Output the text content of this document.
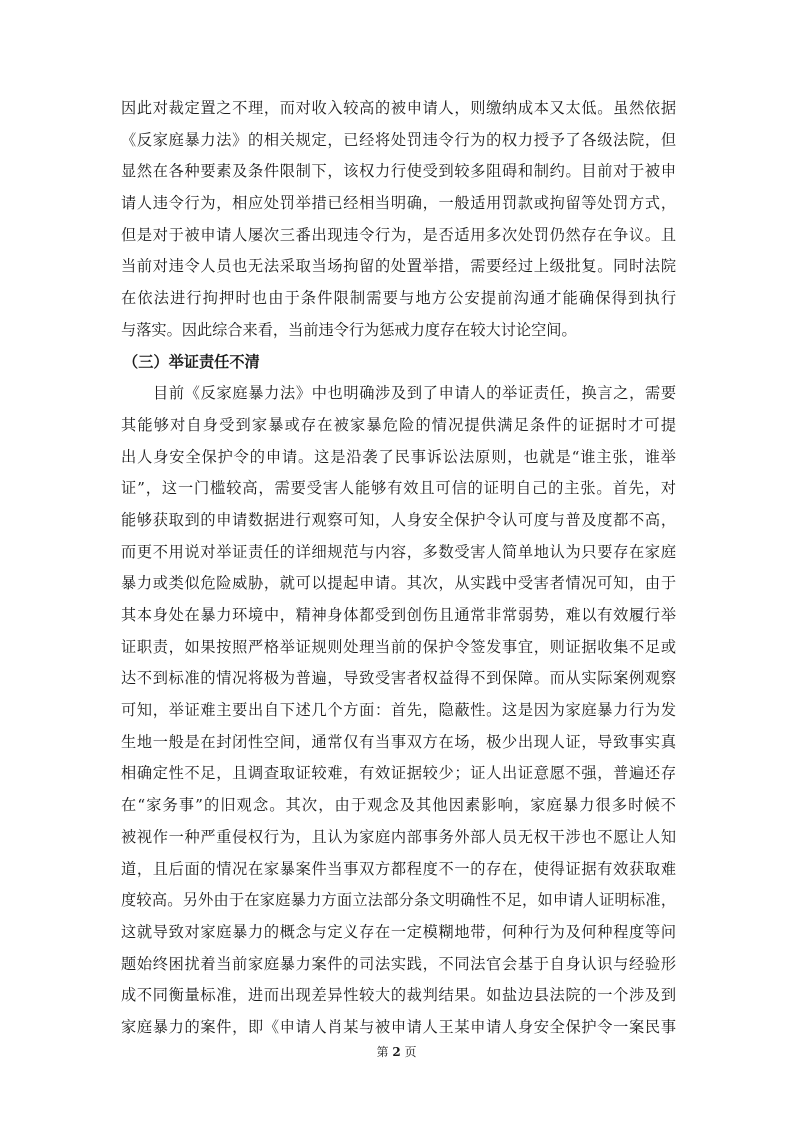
因此对裁定置之不理，而对收入较高的被申请人，则缴纳成本又太低。虽然依据
《反家庭暴力法》的相关规定，已经将处罚违令行为的权力授予了各级法院，但
显然在各种要素及条件限制下，该权力行使受到较多阻碍和制约。目前对于被申
请人违令行为，相应处罚举措已经相当明确，一般适用罚款或拘留等处罚方式，
但是对于被申请人屡次三番出现违令行为，是否适用多次处罚仍然存在争议。且
当前对违令人员也无法采取当场拘留的处置举措，需要经过上级批复。同时法院
在依法进行拘押时也由于条件限制需要与地方公安提前沟通才能确保得到执行
与落实。因此综合来看，当前违令行为惩戒力度存在较大讨论空间。
（三）举证责任不清
目前《反家庭暴力法》中也明确涉及到了申请人的举证责任，换言之，需要
其能够对自身受到家暴或存在被家暴危险的情况提供满足条件的证据时才可提
出人身安全保护令的申请。这是沿袭了民事诉讼法原则，也就是“谁主张，谁举
证”，这一门槛较高，需要受害人能够有效且可信的证明自己的主张。首先，对
能够获取到的申请数据进行观察可知，人身安全保护令认可度与普及度都不高，
而更不用说对举证责任的详细规范与内容，多数受害人简单地认为只要存在家庭
暴力或类似危险威胁，就可以提起申请。其次，从实践中受害者情况可知，由于
其本身处在暴力环境中，精神身体都受到创伤且通常非常弱势，难以有效履行举
证职责，如果按照严格举证规则处理当前的保护令签发事宜，则证据收集不足或
达不到标准的情况将极为普遍，导致受害者权益得不到保障。而从实际案例观察
可知，举证难主要出自下述几个方面：首先，隐蔽性。这是因为家庭暴力行为发
生地一般是在封闭性空间，通常仅有当事双方在场，极少出现人证，导致事实真
相确定性不足，且调查取证较难，有效证据较少；证人出证意愿不强，普遍还存
在“家务事”的旧观念。其次，由于观念及其他因素影响，家庭暴力很多时候不
被视作一种严重侵权行为，且认为家庭内部事务外部人员无权干涉也不愿让人知
道，且后面的情况在家暴案件当事双方都程度不一的存在，使得证据有效获取难
度较高。另外由于在家庭暴力方面立法部分条文明确性不足，如申请人证明标准，
这就导致对家庭暴力的概念与定义存在一定模糊地带，何种行为及何种程度等问
题始终困扰着当前家庭暴力案件的司法实践，不同法官会基于自身认识与经验形
成不同衡量标准，进而出现差异性较大的裁判结果。如盐边县法院的一个涉及到
家庭暴力的案件，即《申请人肖某与被申请人王某申请人身安全保护令一案民事
第 2 页
